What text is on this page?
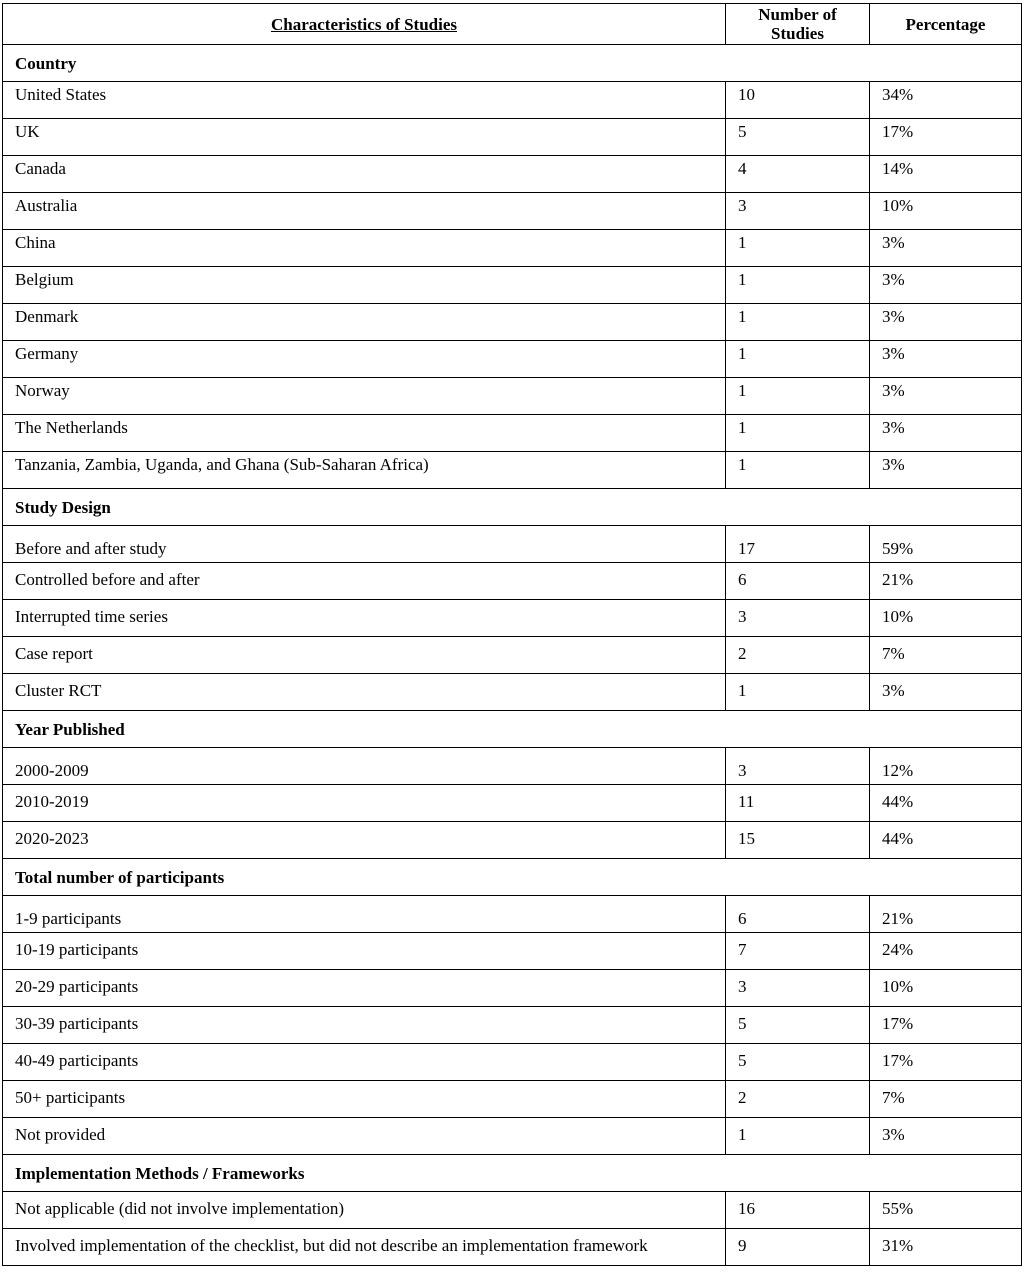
Characteristics of Studies	Number of Studies	Percentage
Country		
United States	10	34%
UK	5	17%
Canada	4	14%
Australia	3	10%
China	1	3%
Belgium	1	3%
Denmark	1	3%
Germany	1	3%
Norway	1	3%
The Netherlands	1	3%
Tanzania, Zambia, Uganda, and Ghana (Sub-Saharan Africa)	1	3%
Study Design		
Before and after study	17	59%
Controlled before and after	6	21%
Interrupted time series	3	10%
Case report	2	7%
Cluster RCT	1	3%
Year Published		
2000-2009	3	12%
2010-2019	11	44%
2020-2023	15	44%
Total number of participants		
1-9 participants	6	21%
10-19 participants	7	24%
20-29 participants	3	10%
30-39 participants	5	17%
40-49 participants	5	17%
50+ participants	2	7%
Not provided	1	3%
Implementation Methods / Frameworks		
Not applicable (did not involve implementation)	16	55%
Involved implementation of the checklist, but did not describe an implementation framework	9	31%
